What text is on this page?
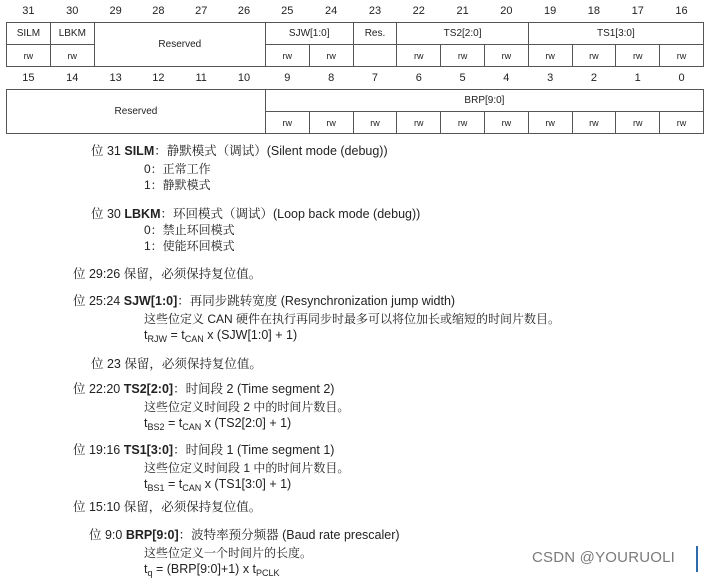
31	30	29	28	27	26	25	24	23	22	21	20	19	18	17	16
SILM	LBKM	Reserved				SJW[1:0]		Res.	TS2[2:0]			TS1[3:0]			
rw	rw					rw	rw		rw	rw	rw	rw	rw	rw	rw
15	14	13	12	11	10	9	8	7	6	5	4	3	2	1	0
Reserved						BRP[9:0]									
						rw	rw	rw	rw	rw	rw	rw	rw	rw	rw
位 31 SILM：静默模式（调试）(Silent mode (debug))
0：正常工作
1：静默模式
位 30 LBKM：环回模式（调试）(Loop back mode (debug))
0：禁止环回模式
1：使能环回模式
位 29:26 保留，必须保持复位值。
位 25:24 SJW[1:0]：再同步跳转宽度 (Resynchronization jump width)
这些位定义 CAN 硬件在执行再同步时最多可以将位加长或缩短的时间片数目。
$t_{RJW} = t_{CAN}$ x (SJW[1:0] + 1)
位 23 保留，必须保持复位值。
位 22:20 TS2[2:0]：时间段 2 (Time segment 2)
这些位定义时间段 2 中的时间片数目。
$t_{BS2} = t_{CAN}$ x (TS2[2:0] + 1)
位 19:16 TS1[3:0]：时间段 1 (Time segment 1)
这些位定义时间段 1 中的时间片数目。
$t_{BS1} = t_{CAN}$ x (TS1[3:0] + 1)
位 15:10 保留，必须保持复位值。
位 9:0 BRP[9:0]：波特率预分频器 (Baud rate prescaler)
这些位定义一个时间片的长度。
$t_q$ = (BRP[9:0]+1) x $t_{PCLK}$
CSDN @YOURUOLI
